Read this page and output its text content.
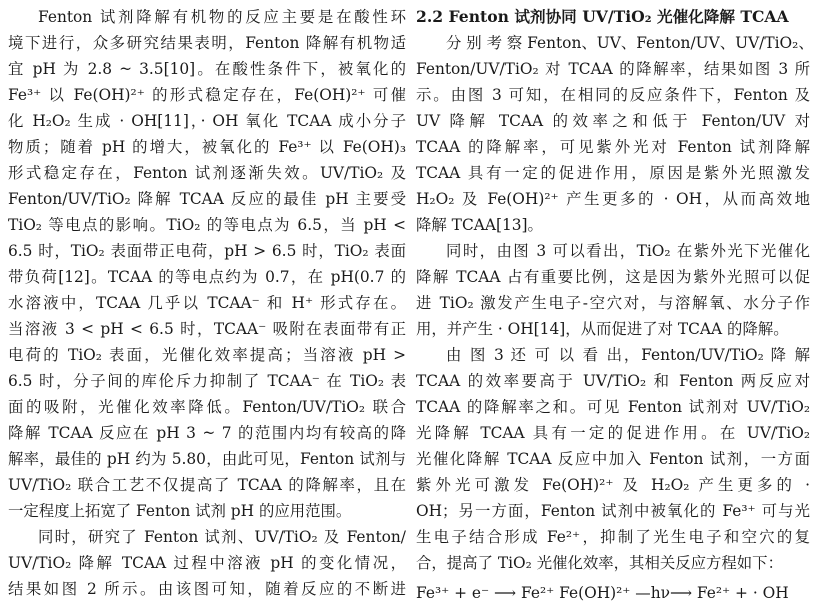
Fenton 试剂降解有机物的反应主要是在酸性环
境下进行，众多研究结果表明，Fenton 降解有机物适
宜 pH 为 2.8 ~ 3.5[10]。在酸性条件下，被氧化的
Fe³⁺ 以 Fe(OH)²⁺ 的形式稳定存在，Fe(OH)²⁺ 可催
化 H₂O₂ 生成 · OH[11]，· OH 氧化 TCAA 成小分子
物质；随着 pH 的增大，被氧化的 Fe³⁺ 以 Fe(OH)₃
形式稳定存在，Fenton 试剂逐渐失效。UV/TiO₂ 及
Fenton/UV/TiO₂ 降解 TCAA 反应的最佳 pH 主要受
TiO₂ 等电点的影响。TiO₂ 的等电点为 6.5，当 pH <
6.5 时，TiO₂ 表面带正电荷，pH > 6.5 时，TiO₂ 表面
带负荷[12]。TCAA 的等电点约为 0.7，在 pH(0.7 的
水溶液中，TCAA 几乎以 TCAA⁻ 和 H⁺ 形式存在。
当溶液 3 < pH < 6.5 时，TCAA⁻ 吸附在表面带有正
电荷的 TiO₂ 表面，光催化效率提高；当溶液 pH >
6.5 时，分子间的库伦斥力抑制了 TCAA⁻ 在 TiO₂ 表
面的吸附，光催化效率降低。Fenton/UV/TiO₂ 联合
降解 TCAA 反应在 pH 3 ~ 7 的范围内均有较高的降
解率，最佳的 pH 约为 5.80，由此可见，Fenton 试剂与
UV/TiO₂ 联合工艺不仅提高了 TCAA 的降解率，且在
一定程度上拓宽了 Fenton 试剂 pH 的应用范围。
同时，研究了 Fenton 试剂、UV/TiO₂ 及 Fenton/
UV/TiO₂ 降解 TCAA 过程中溶液 pH 的变化情况，
结果如图 2 所示。由该图可知，随着反应的不断进
2.2 Fenton 试剂协同 UV/TiO₂ 光催化降解 TCAA
分 别 考 察 Fenton、UV、Fenton/UV、UV/TiO₂、
Fenton/UV/TiO₂ 对 TCAA 的降解率，结果如图 3 所
示。由图 3 可知，在相同的反应条件下，Fenton 及
UV 降解 TCAA 的效率之和低于 Fenton/UV 对
TCAA 的降解率，可见紫外光对 Fenton 试剂降解
TCAA 具有一定的促进作用，原因是紫外光照激发
H₂O₂ 及 Fe(OH)²⁺ 产生更多的 · OH，从而高效地
降解 TCAA[13]。
同时，由图 3 可以看出，TiO₂ 在紫外光下光催化
降解 TCAA 占有重要比例，这是因为紫外光照可以促
进 TiO₂ 激发产生电子-空穴对，与溶解氧、水分子作
用，并产生 · OH[14]，从而促进了对 TCAA 的降解。
由 图 3 还 可 以 看 出，Fenton/UV/TiO₂ 降 解
TCAA 的效率要高于 UV/TiO₂ 和 Fenton 两反应对
TCAA 的降解率之和。可见 Fenton 试剂对 UV/TiO₂
光降解 TCAA 具有一定的促进作用。在 UV/TiO₂
光催化降解 TCAA 反应中加入 Fenton 试剂，一方面
紫外光可激发 Fe(OH)²⁺ 及 H₂O₂ 产生更多的 ·
OH；另一方面，Fenton 试剂中被氧化的 Fe³⁺ 可与光
生电子结合形成 Fe²⁺，抑制了光生电子和空穴的复
合，提高了 TiO₂ 光催化效率，其相关反应方程如下：
Fe³⁺ + e⁻ ⟶ Fe²⁺ Fe(OH)²⁺ —hν⟶ Fe²⁺ + · OH
